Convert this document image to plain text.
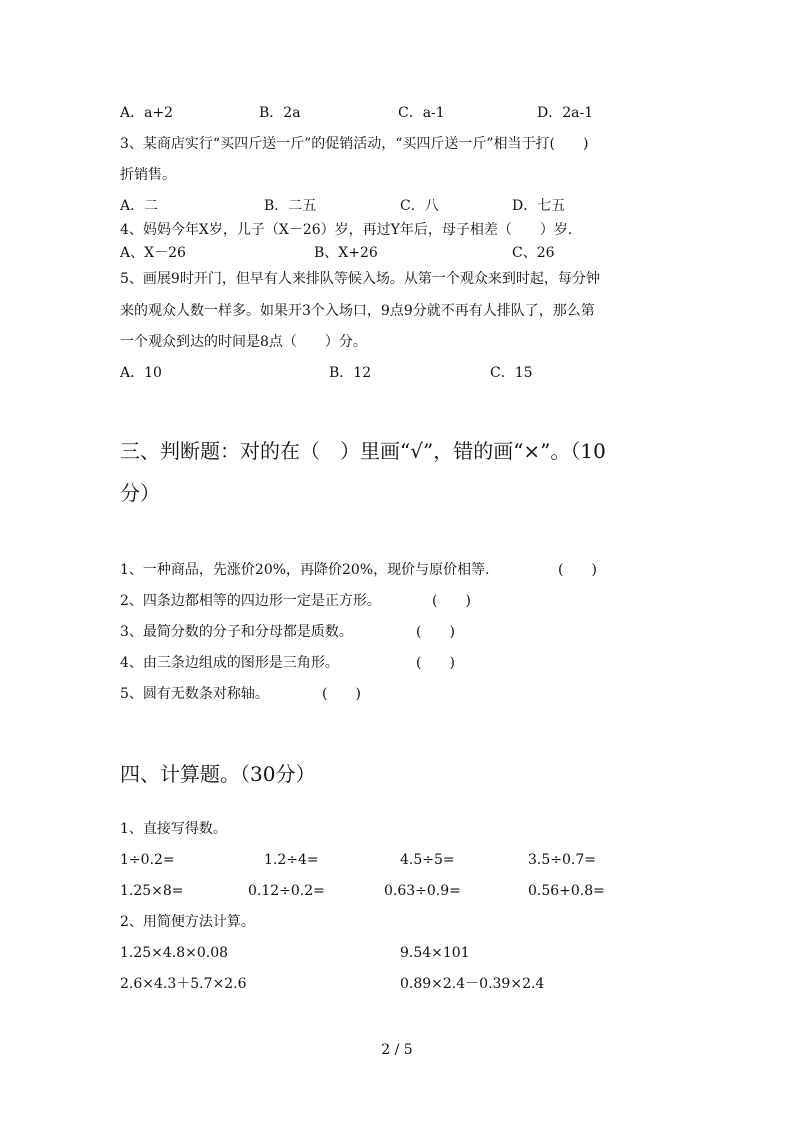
A．a+2	B．2a	C．a-1	D．2a-1
3、某商店实行“买四斤送一斤”的促销活动，“买四斤送一斤”相当于打(　　)
折销售。
A．二	B．二五	C．八	D．七五
4、妈妈今年X岁，儿子（X－26）岁，再过Y年后，母子相差（　　）岁.
A、X－26	B、X+26	C、26
5、画展9时开门，但早有人来排队等候入场。从第一个观众来到时起，每分钟
来的观众人数一样多。如果开3个入场口，9点9分就不再有人排队了，那么第
一个观众到达的时间是8点（　　）分。
A．10	B．12	C．15
三、判断题：对的在（　）里画“√”，错的画“×”。（10
分）
1、一种商品，先涨价20%，再降价20%，现价与原价相等.	(　　)
2、四条边都相等的四边形一定是正方形。	(　　)
3、最简分数的分子和分母都是质数。	(　　)
4、由三条边组成的图形是三角形。	(　　)
5、圆有无数条对称轴。	(　　)
四、计算题。（30分）
1、直接写得数。
1÷0.2=	1.2÷4=	4.5÷5=	3.5÷0.7=
1.25×8=	0.12÷0.2=	0.63÷0.9=	0.56+0.8=
2、用简便方法计算。
1.25×4.8×0.08	9.54×101
2.6×4.3＋5.7×2.6	0.89×2.4－0.39×2.4
2 / 5
